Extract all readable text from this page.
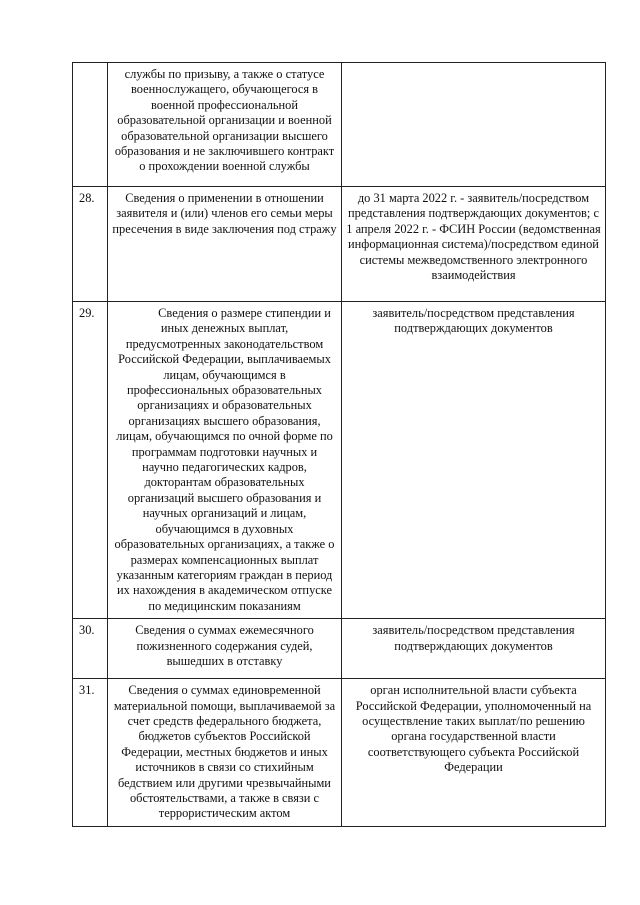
	службы по призыву, а также о статусе военнослужащего, обучающегося в военной профессиональной образовательной организации и военной образовательной организации высшего образования и не заключившего контракт о прохождении военной службы	
28.	Сведения о применении в отношении заявителя и (или) членов его семьи меры пресечения в виде заключения под стражу	до 31 марта 2022 г. - заявитель/посредством представления подтверждающих документов; с 1 апреля 2022 г. - ФСИН России (ведомственная информационная система)/посредством единой системы межведомственного электронного взаимодействия
29.	Сведения о размере стипендии и иных денежных выплат, предусмотренных законодательством Российской Федерации, выплачиваемых лицам, обучающимся в профессиональных образовательных организациях и образовательных организациях высшего образования, лицам, обучающимся по очной форме по программам подготовки научных и научно педагогических кадров, докторантам образовательных организаций высшего образования и научных организаций и лицам, обучающимся в духовных образовательных организациях, а также о размерах компенсационных выплат указанным категориям граждан в период их нахождения в академическом отпуске по медицинским показаниям	заявитель/посредством представления подтверждающих документов
30.	Сведения о суммах ежемесячного пожизненного содержания судей, вышедших в отставку	заявитель/посредством представления подтверждающих документов
31.	Сведения о суммах единовременной материальной помощи, выплачиваемой за счет средств федерального бюджета, бюджетов субъектов Российской Федерации, местных бюджетов и иных источников в связи со стихийным бедствием или другими чрезвычайными обстоятельствами, а также в связи с террористическим актом	орган исполнительной власти субъекта Российской Федерации, уполномоченный на осуществление таких выплат/по решению органа государственной власти соответствующего субъекта Российской Федерации
